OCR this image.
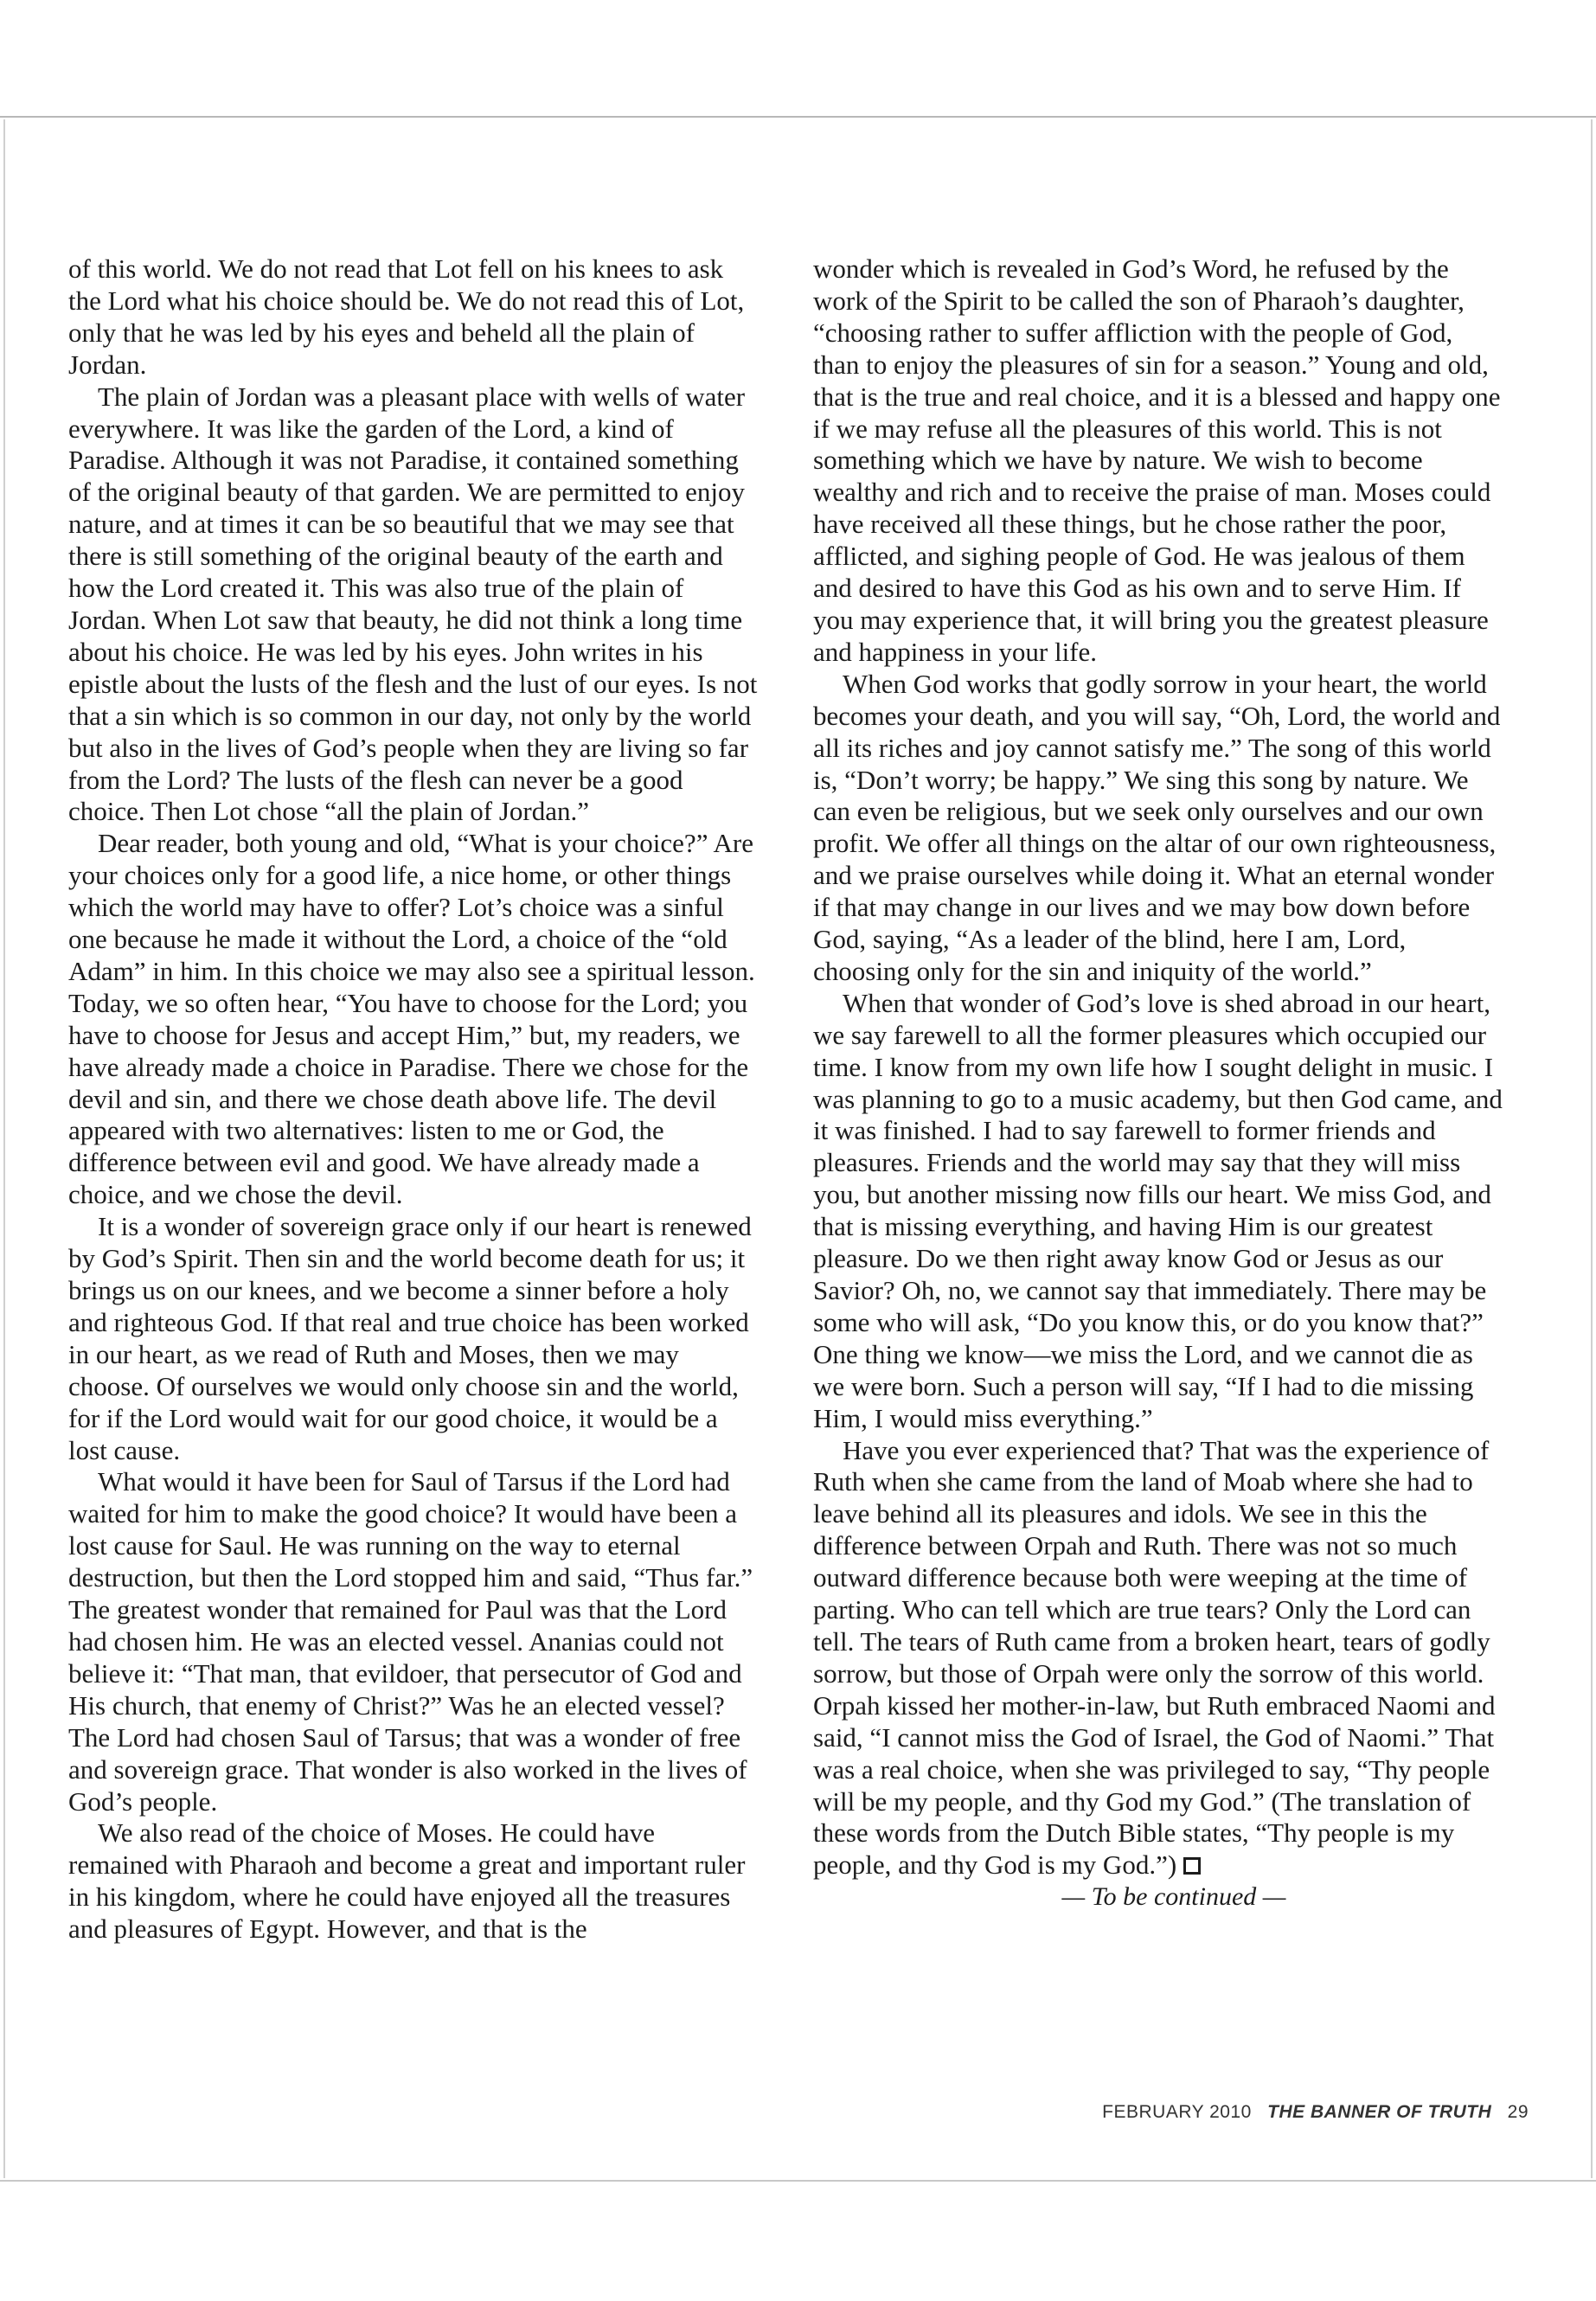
of this world. We do not read that Lot fell on his knees to ask the Lord what his choice should be. We do not read this of Lot, only that he was led by his eyes and beheld all the plain of Jordan.

The plain of Jordan was a pleasant place with wells of water everywhere. It was like the garden of the Lord, a kind of Paradise. Although it was not Paradise, it contained something of the original beauty of that garden. We are permitted to enjoy nature, and at times it can be so beautiful that we may see that there is still something of the original beauty of the earth and how the Lord created it. This was also true of the plain of Jordan. When Lot saw that beauty, he did not think a long time about his choice. He was led by his eyes. John writes in his epistle about the lusts of the flesh and the lust of our eyes. Is not that a sin which is so common in our day, not only by the world but also in the lives of God’s people when they are living so far from the Lord? The lusts of the flesh can never be a good choice. Then Lot chose “all the plain of Jordan.”

Dear reader, both young and old, “What is your choice?” Are your choices only for a good life, a nice home, or other things which the world may have to offer? Lot’s choice was a sinful one because he made it without the Lord, a choice of the “old Adam” in him. In this choice we may also see a spiritual lesson. Today, we so often hear, “You have to choose for the Lord; you have to choose for Jesus and accept Him,” but, my readers, we have already made a choice in Paradise. There we chose for the devil and sin, and there we chose death above life. The devil appeared with two alternatives: listen to me or God, the difference between evil and good. We have already made a choice, and we chose the devil.

It is a wonder of sovereign grace only if our heart is renewed by God’s Spirit. Then sin and the world become death for us; it brings us on our knees, and we become a sinner before a holy and righteous God. If that real and true choice has been worked in our heart, as we read of Ruth and Moses, then we may choose. Of ourselves we would only choose sin and the world, for if the Lord would wait for our good choice, it would be a lost cause.

What would it have been for Saul of Tarsus if the Lord had waited for him to make the good choice? It would have been a lost cause for Saul. He was running on the way to eternal destruction, but then the Lord stopped him and said, “Thus far.” The greatest wonder that remained for Paul was that the Lord had chosen him. He was an elected vessel. Ananias could not believe it: “That man, that evildoer, that persecutor of God and His church, that enemy of Christ?” Was he an elected vessel? The Lord had chosen Saul of Tarsus; that was a wonder of free and sovereign grace. That wonder is also worked in the lives of God’s people.

We also read of the choice of Moses. He could have remained with Pharaoh and become a great and important ruler in his kingdom, where he could have enjoyed all the treasures and pleasures of Egypt. However, and that is the

wonder which is revealed in God’s Word, he refused by the work of the Spirit to be called the son of Pharaoh’s daughter, “choosing rather to suffer affliction with the people of God, than to enjoy the pleasures of sin for a season.” Young and old, that is the true and real choice, and it is a blessed and happy one if we may refuse all the pleasures of this world. This is not something which we have by nature. We wish to become wealthy and rich and to receive the praise of man. Moses could have received all these things, but he chose rather the poor, afflicted, and sighing people of God. He was jealous of them and desired to have this God as his own and to serve Him. If you may experience that, it will bring you the greatest pleasure and happiness in your life.

When God works that godly sorrow in your heart, the world becomes your death, and you will say, “Oh, Lord, the world and all its riches and joy cannot satisfy me.” The song of this world is, “Don’t worry; be happy.” We sing this song by nature. We can even be religious, but we seek only ourselves and our own profit. We offer all things on the altar of our own righteousness, and we praise ourselves while doing it. What an eternal wonder if that may change in our lives and we may bow down before God, saying, “As a leader of the blind, here I am, Lord, choosing only for the sin and iniquity of the world.”

When that wonder of God’s love is shed abroad in our heart, we say farewell to all the former pleasures which occupied our time. I know from my own life how I sought delight in music. I was planning to go to a music academy, but then God came, and it was finished. I had to say farewell to former friends and pleasures. Friends and the world may say that they will miss you, but another missing now fills our heart. We miss God, and that is missing everything, and having Him is our greatest pleasure. Do we then right away know God or Jesus as our Savior? Oh, no, we cannot say that immediately. There may be some who will ask, “Do you know this, or do you know that?” One thing we know—we miss the Lord, and we cannot die as we were born. Such a person will say, “If I had to die missing Him, I would miss everything.”

Have you ever experienced that? That was the experience of Ruth when she came from the land of Moab where she had to leave behind all its pleasures and idols. We see in this the difference between Orpah and Ruth. There was not so much outward difference because both were weeping at the time of parting. Who can tell which are true tears? Only the Lord can tell. The tears of Ruth came from a broken heart, tears of godly sorrow, but those of Orpah were only the sorrow of this world. Orpah kissed her mother-in-law, but Ruth embraced Naomi and said, “I cannot miss the God of Israel, the God of Naomi.” That was a real choice, when she was privileged to say, “Thy people will be my people, and thy God my God.” (The translation of these words from the Dutch Bible states, “Thy people is my people, and thy God is my God.”)

— To be continued —

FEBRUARY 2010 THE BANNER OF TRUTH 29
